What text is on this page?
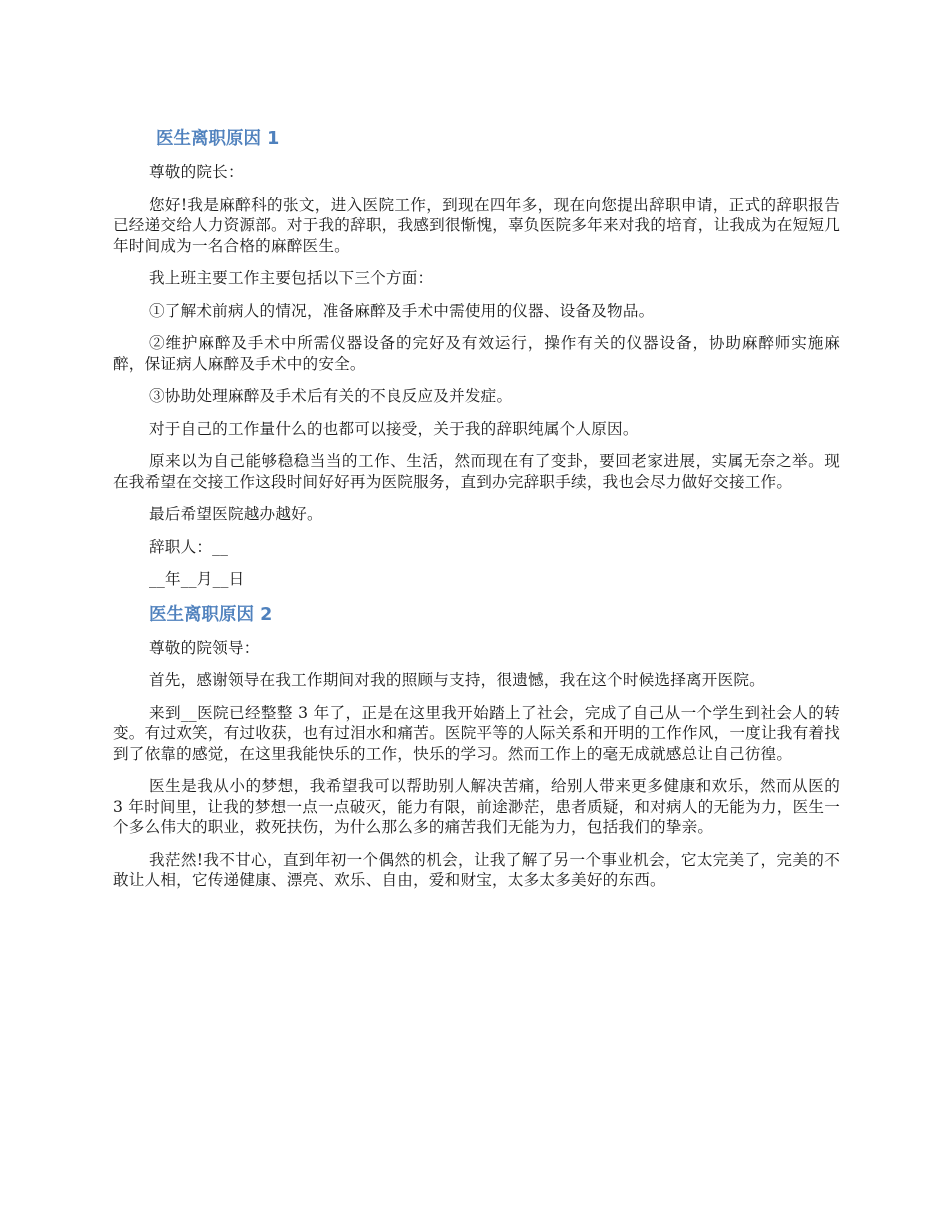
医生离职原因 1

尊敬的院长：

您好!我是麻醉科的张文，进入医院工作，到现在四年多，现在向您提出辞职申请，正式的辞职报告已经递交给人力资源部。对于我的辞职，我感到很惭愧，辜负医院多年来对我的培育，让我成为在短短几年时间成为一名合格的麻醉医生。

我上班主要工作主要包括以下三个方面：

①了解术前病人的情况，准备麻醉及手术中需使用的仪器、设备及物品。

②维护麻醉及手术中所需仪器设备的完好及有效运行，操作有关的仪器设备，协助麻醉师实施麻醉，保证病人麻醉及手术中的安全。

③协助处理麻醉及手术后有关的不良反应及并发症。

对于自己的工作量什么的也都可以接受，关于我的辞职纯属个人原因。

原来以为自己能够稳稳当当的工作、生活，然而现在有了变卦，要回老家进展，实属无奈之举。现在我希望在交接工作这段时间好好再为医院服务，直到办完辞职手续，我也会尽力做好交接工作。

最后希望医院越办越好。

辞职人：__

__年__月__日

医生离职原因 2

尊敬的院领导：

首先，感谢领导在我工作期间对我的照顾与支持，很遗憾，我在这个时候选择离开医院。

来到__医院已经整整 3 年了，正是在这里我开始踏上了社会，完成了自己从一个学生到社会人的转变。有过欢笑，有过收获，也有过泪水和痛苦。医院平等的人际关系和开明的工作作风，一度让我有着找到了依靠的感觉，在这里我能快乐的工作，快乐的学习。然而工作上的毫无成就感总让自己彷徨。

医生是我从小的梦想，我希望我可以帮助别人解决苦痛，给别人带来更多健康和欢乐，然而从医的 3 年时间里，让我的梦想一点一点破灭，能力有限，前途渺茫，患者质疑，和对病人的无能为力，医生一个多么伟大的职业，救死扶伤，为什么那么多的痛苦我们无能为力，包括我们的挚亲。

我茫然!我不甘心，直到年初一个偶然的机会，让我了解了另一个事业机会，它太完美了，完美的不敢让人相，它传递健康、漂亮、欢乐、自由，爱和财宝，太多太多美好的东西。
